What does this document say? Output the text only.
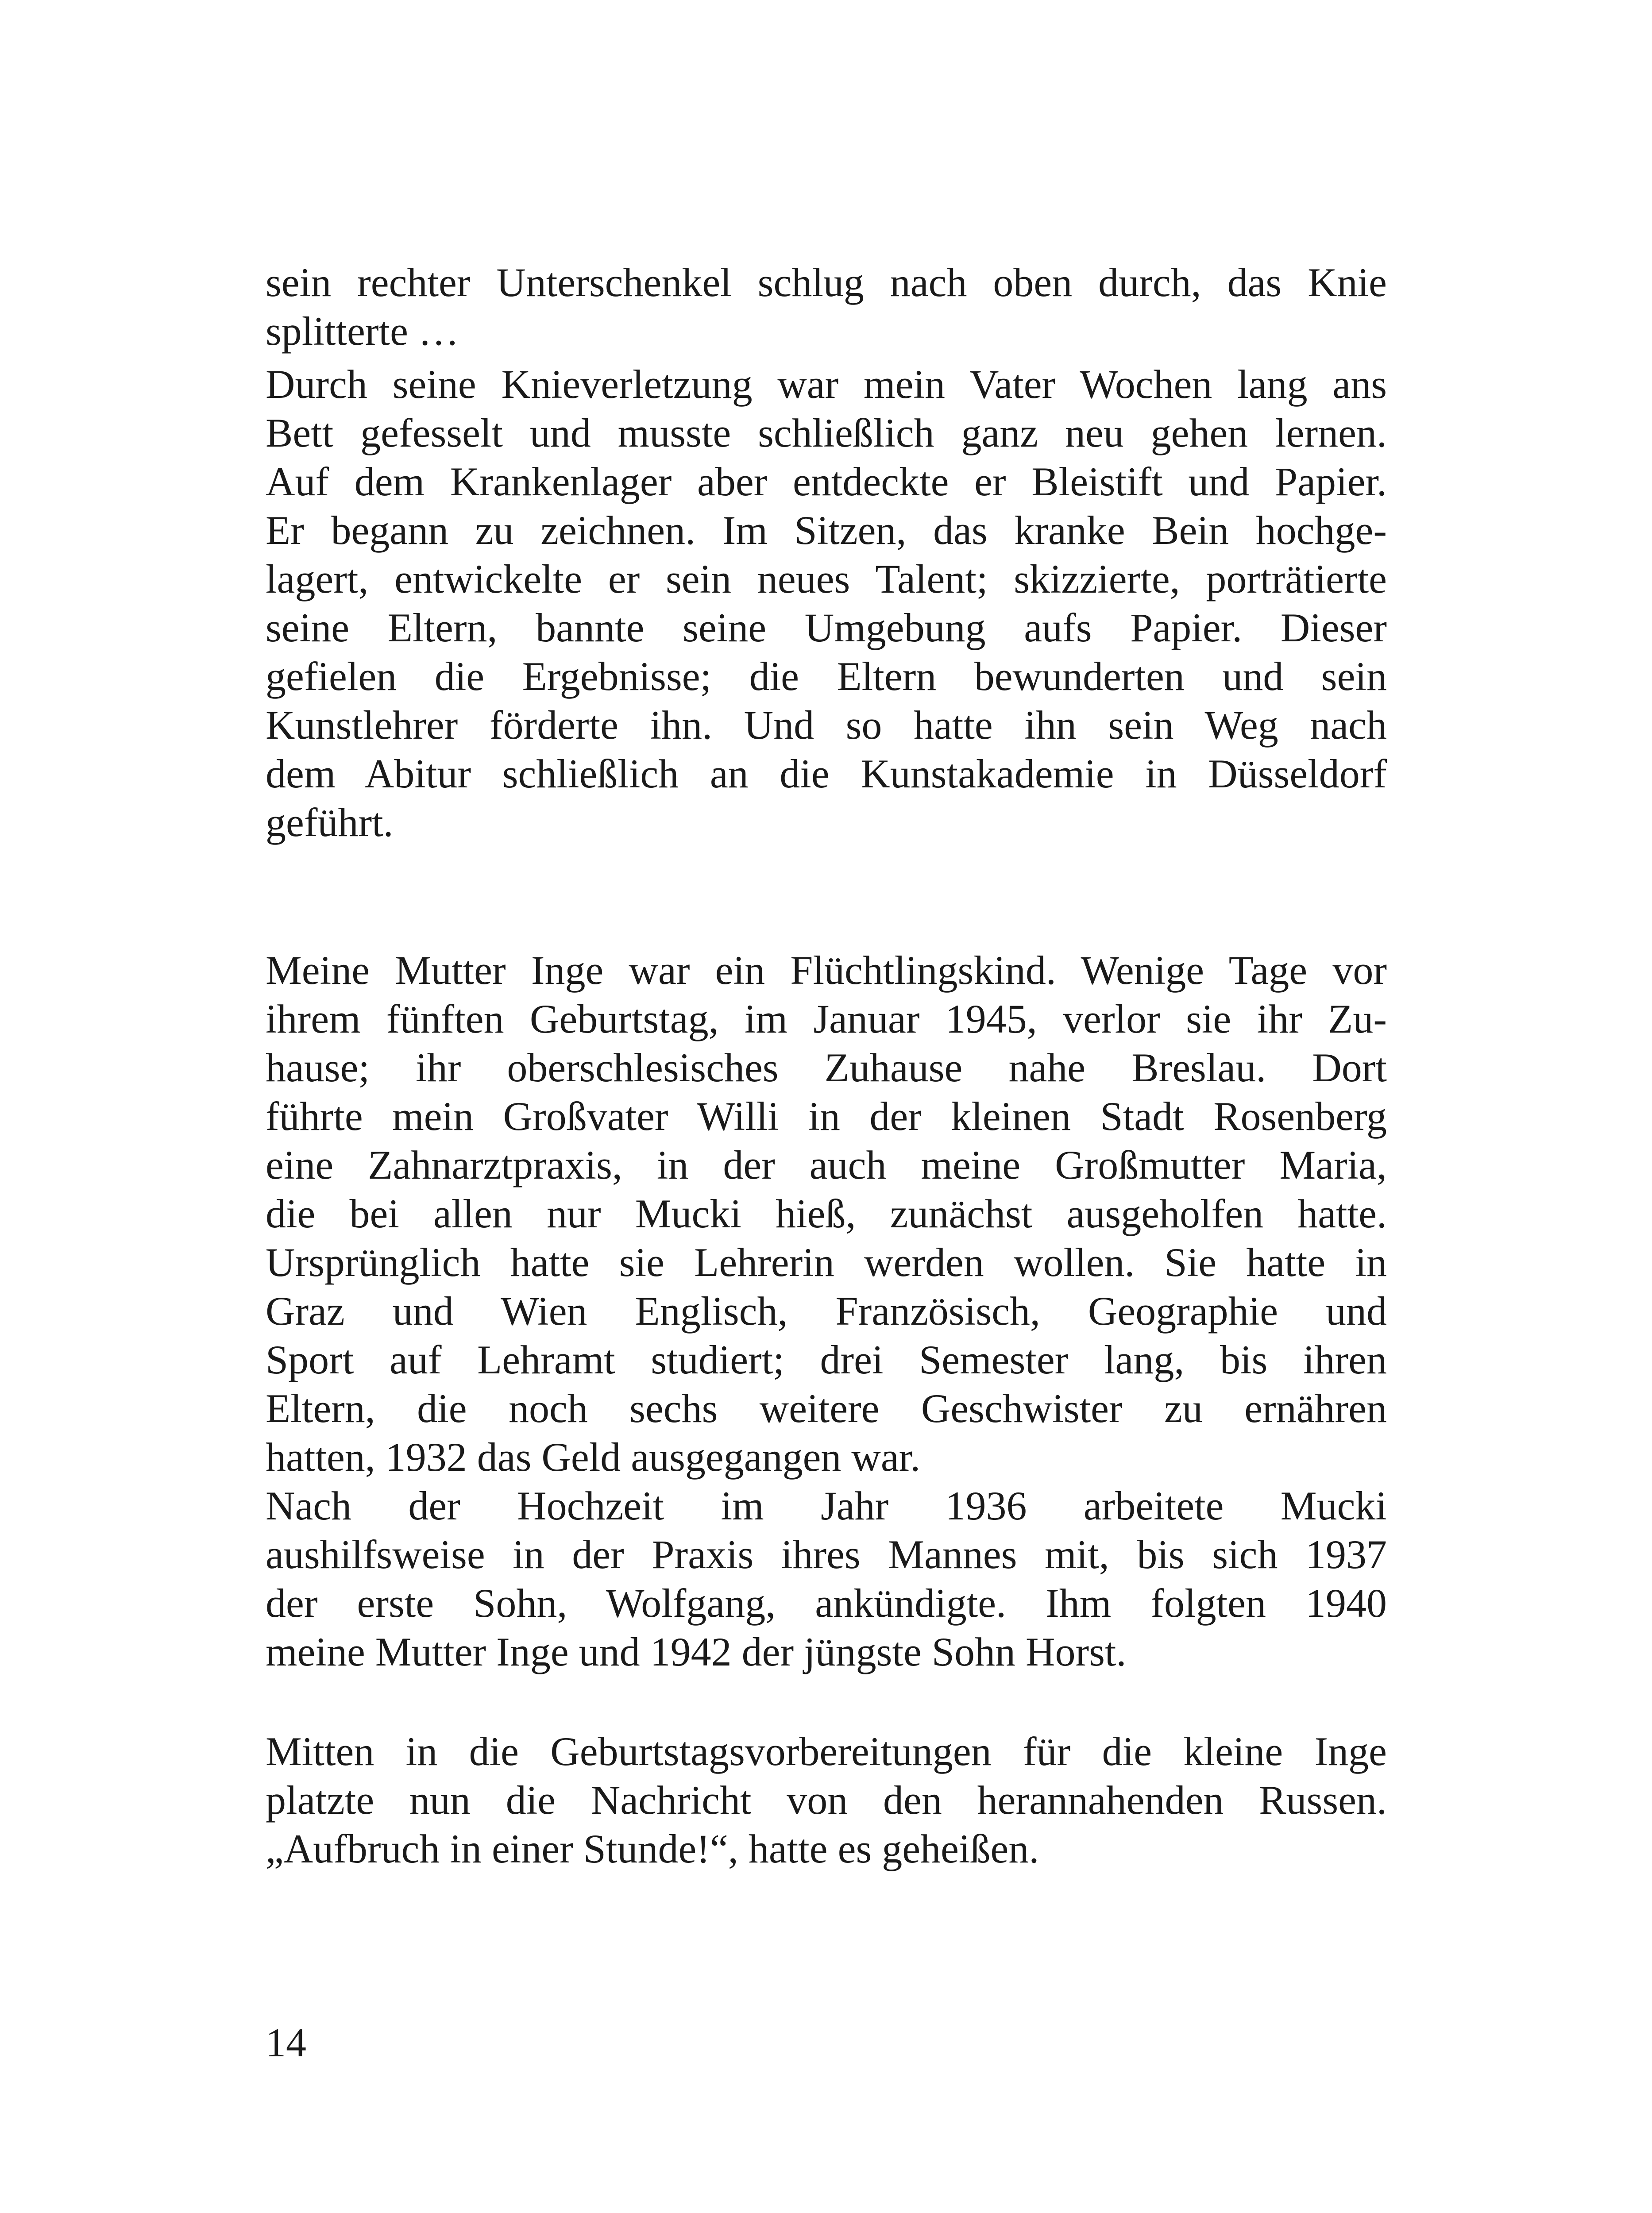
sein rechter Unterschenkel schlug nach oben durch, das Knie
splitterte …
Durch seine Knieverletzung war mein Vater Wochen lang ans
Bett gefesselt und musste schließlich ganz neu gehen lernen.
Auf dem Krankenlager aber entdeckte er Bleistift und Papier.
Er begann zu zeichnen. Im Sitzen, das kranke Bein hochge-
lagert, entwickelte er sein neues Talent; skizzierte, porträtierte
seine Eltern, bannte seine Umgebung aufs Papier. Dieser
gefielen die Ergebnisse; die Eltern bewunderten und sein
Kunstlehrer förderte ihn. Und so hatte ihn sein Weg nach
dem Abitur schließlich an die Kunstakademie in Düsseldorf
geführt.
Meine Mutter Inge war ein Flüchtlingskind. Wenige Tage vor
ihrem fünften Geburtstag, im Januar 1945, verlor sie ihr Zu-
hause; ihr oberschlesisches Zuhause nahe Breslau. Dort
führte mein Großvater Willi in der kleinen Stadt Rosenberg
eine Zahnarztpraxis, in der auch meine Großmutter Maria,
die bei allen nur Mucki hieß, zunächst ausgeholfen hatte.
Ursprünglich hatte sie Lehrerin werden wollen. Sie hatte in
Graz und Wien Englisch, Französisch, Geographie und
Sport auf Lehramt studiert; drei Semester lang, bis ihren
Eltern, die noch sechs weitere Geschwister zu ernähren
hatten, 1932 das Geld ausgegangen war.
Nach der Hochzeit im Jahr 1936 arbeitete Mucki
aushilfsweise in der Praxis ihres Mannes mit, bis sich 1937
der erste Sohn, Wolfgang, ankündigte. Ihm folgten 1940
meine Mutter Inge und 1942 der jüngste Sohn Horst.
Mitten in die Geburtstagsvorbereitungen für die kleine Inge
platzte nun die Nachricht von den herannahenden Russen.
„Aufbruch in einer Stunde!“, hatte es geheißen.
14
